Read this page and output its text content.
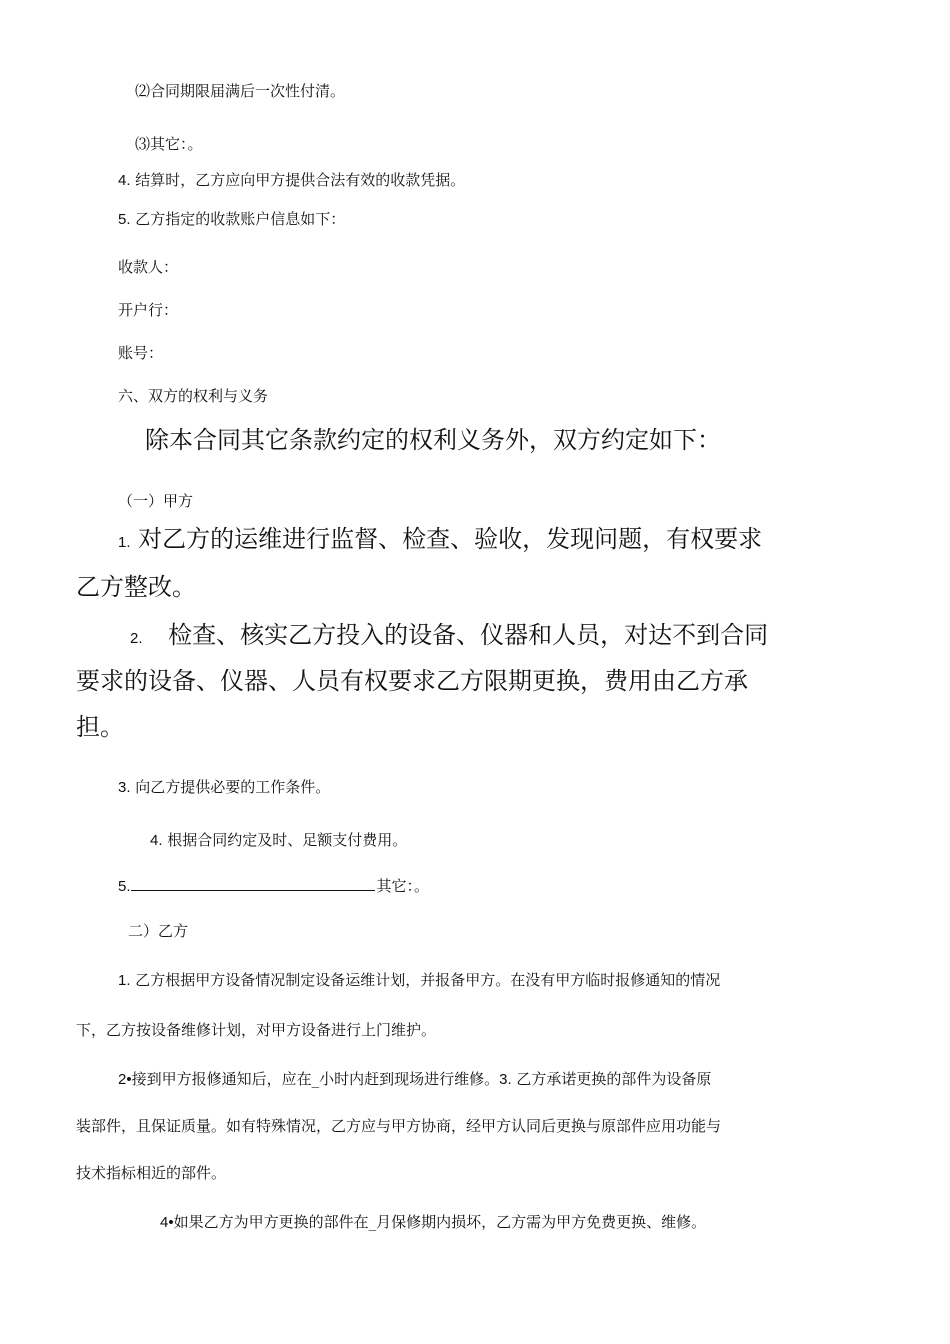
⑵合同期限届满后一次性付清。
⑶其它：。
4. 结算时，乙方应向甲方提供合法有效的收款凭据。
5. 乙方指定的收款账户信息如下：
收款人：
开户行：
账号：
六、双方的权利与义务
除本合同其它条款约定的权利义务外，双方约定如下：
（一）甲方
1. 对乙方的运维进行监督、检查、验收，发现问题，有权要求
乙方整改。
2. 检查、核实乙方投入的设备、仪器和人员，对达不到合同
要求的设备、仪器、人员有权要求乙方限期更换，费用由乙方承
担。
3. 向乙方提供必要的工作条件。
4. 根据合同约定及时、足额支付费用。
5.	其它：。
二）乙方
1. 乙方根据甲方设备情况制定设备运维计划，并报备甲方。在没有甲方临时报修通知的情况
下，乙方按设备维修计划，对甲方设备进行上门维护。
2•接到甲方报修通知后，应在_小时内赶到现场进行维修。3. 乙方承诺更换的部件为设备原
装部件，且保证质量。如有特殊情况，乙方应与甲方协商，经甲方认同后更换与原部件应用功能与
技术指标相近的部件。
4•如果乙方为甲方更换的部件在_月保修期内损坏，乙方需为甲方免费更换、维修。
